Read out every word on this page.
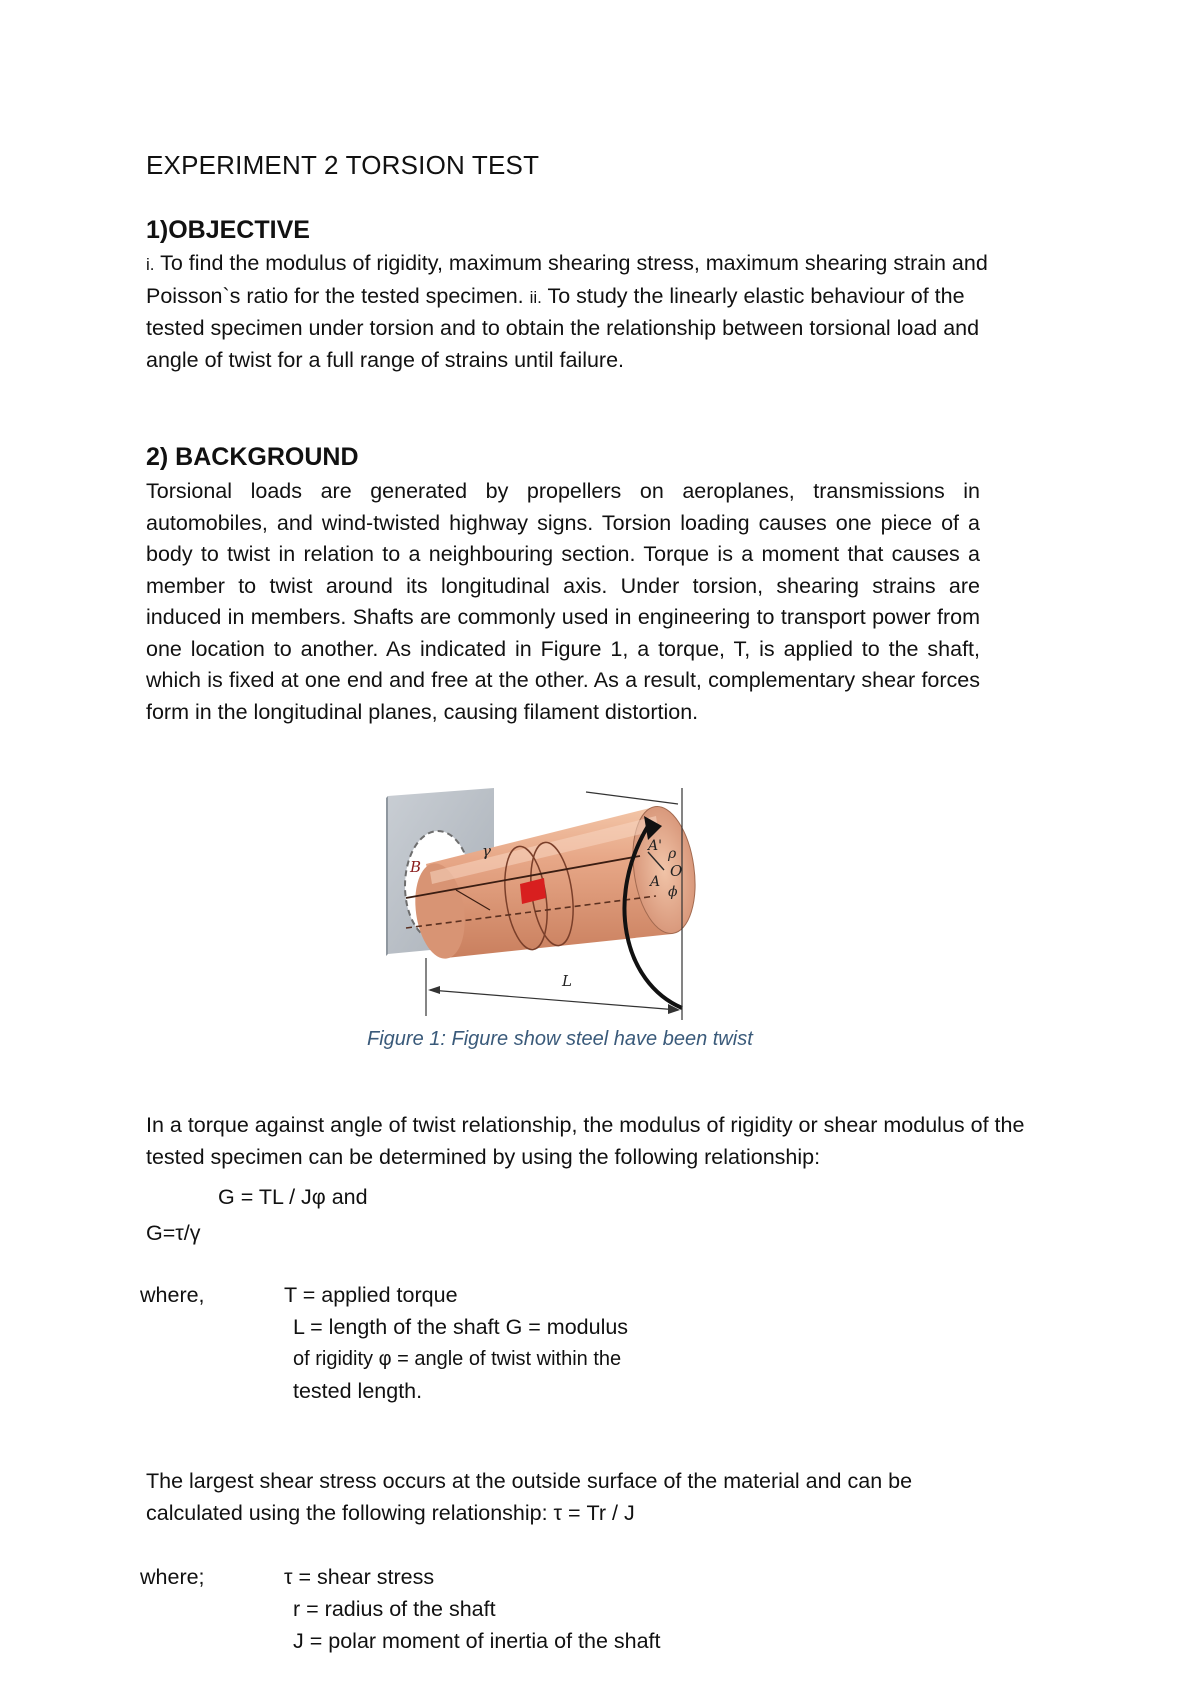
EXPERIMENT 2 TORSION TEST
1)OBJECTIVE
i. To find the modulus of rigidity, maximum shearing stress, maximum shearing strain and Poisson`s ratio for the tested specimen. ii. To study the linearly elastic behaviour of the tested specimen under torsion and to obtain the relationship between torsional load and angle of twist for a full range of strains until failure.
2) BACKGROUND
Torsional loads are generated by propellers on aeroplanes, transmissions in automobiles, and wind-twisted highway signs. Torsion loading causes one piece of a body to twist in relation to a neighbouring section. Torque is a moment that causes a member to twist around its longitudinal axis. Under torsion, shearing strains are induced in members. Shafts are commonly used in engineering to transport power from one location to another. As indicated in Figure 1, a torque, T, is applied to the shaft, which is fixed at one end and free at the other. As a result, complementary shear forces form in the longitudinal planes, causing filament distortion.
B
γ	A' ρ
O
A
ϕ
L
Figure 1: Figure show steel have been twist
In a torque against angle of twist relationship, the modulus of rigidity or shear modulus of the
tested specimen can be determined by using the following relationship:
G = TL / Jφ and
G=τ/γ
where,	T = applied torque
L = length of the shaft G = modulus
of rigidity φ = angle of twist within the
tested length.
The largest shear stress occurs at the outside surface of the material and can be
calculated using the following relationship: τ = Tr / J
where;	τ = shear stress
r = radius of the shaft
J = polar moment of inertia of the shaft
